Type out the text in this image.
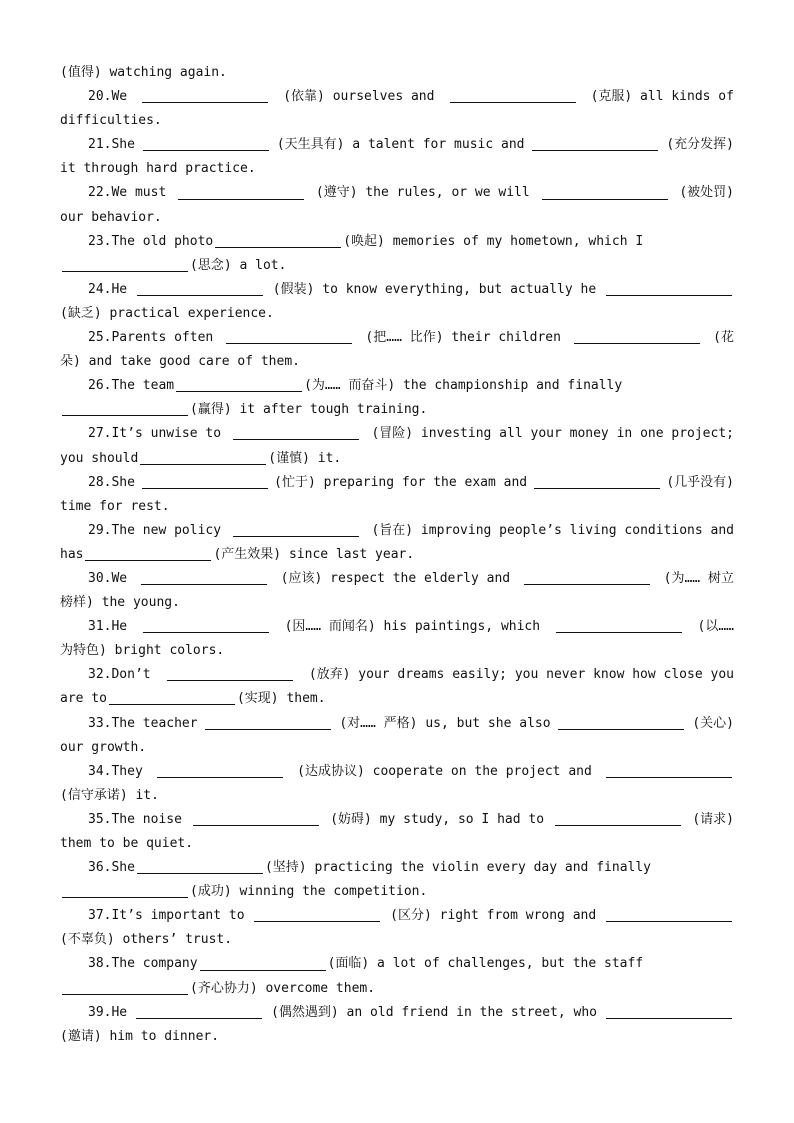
(值得) watching again.
20.We	(依靠) ourselves and	(克服) all kinds of
difficulties.
21.She	(天生具有) a talent for music and	(充分发挥)
it through hard practice.
22.We must	(遵守) the rules, or we will	(被处罚)
our behavior.
23.The old photo	(唤起) memories of my hometown, which I
(思念) a lot.
24.He	(假装) to know everything, but actually he
(缺乏) practical experience.
25.Parents often	(把…… 比作) their children	(花
朵) and take good care of them.
26.The team	(为…… 而奋斗) the championship and finally
(赢得) it after tough training.
27.It’s unwise to	(冒险) investing all your money in one project;
you should	(谨慎) it.
28.She	(忙于) preparing for the exam and	(几乎没有)
time for rest.
29.The new policy	(旨在) improving people’s living conditions and
has	(产生效果) since last year.
30.We	(应该) respect the elderly and	(为…… 树立
榜样) the young.
31.He	(因…… 而闻名) his paintings, which	(以……
为特色) bright colors.
32.Don’t	(放弃) your dreams easily; you never know how close you
are to	(实现) them.
33.The teacher	(对…… 严格) us, but she also	(关心)
our growth.
34.They	(达成协议) cooperate on the project and
(信守承诺) it.
35.The noise	(妨碍) my study, so I had to	(请求)
them to be quiet.
36.She	(坚持) practicing the violin every day and finally
(成功) winning the competition.
37.It’s important to	(区分) right from wrong and
(不辜负) others’ trust.
38.The company	(面临) a lot of challenges, but the staff
(齐心协力) overcome them.
39.He	(偶然遇到) an old friend in the street, who
(邀请) him to dinner.
